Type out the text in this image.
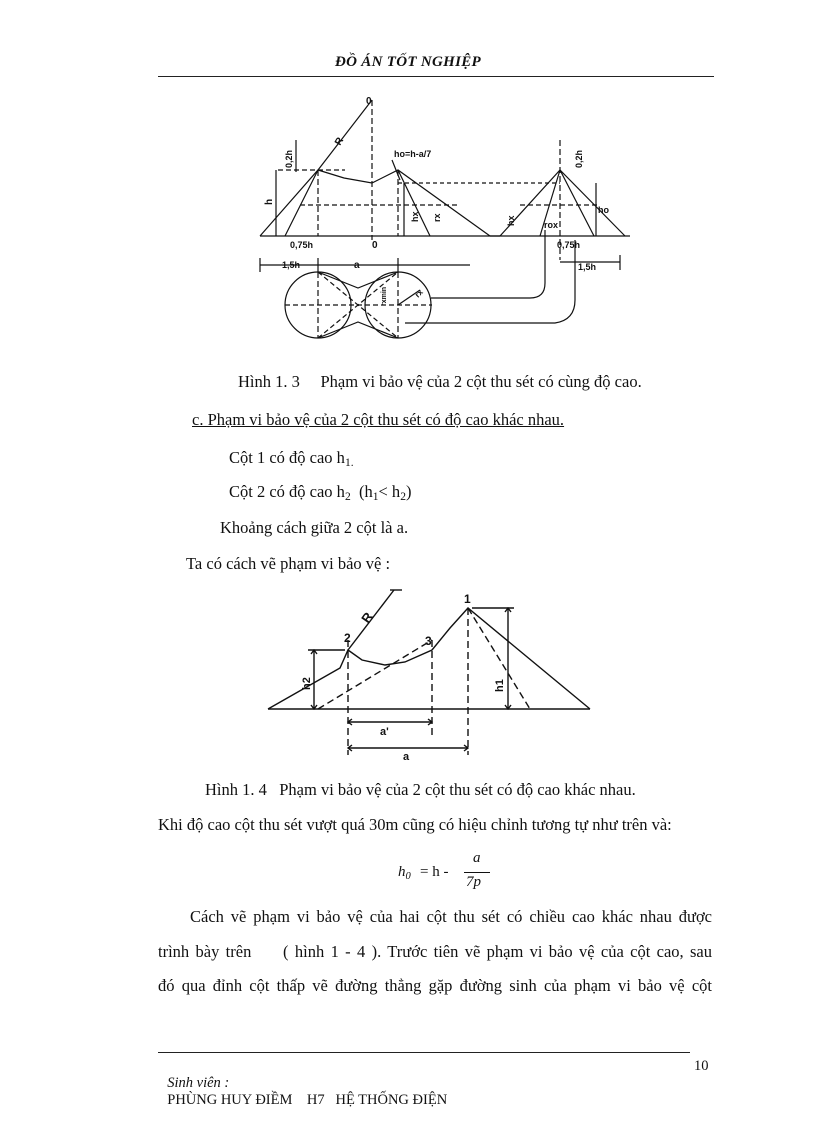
ĐỒ ÁN TỐT NGHIỆP
0
R
0,2h
h
ho=h-a/7
hx rx
0
0,75h
1,5h	a
rxmin	rx
0,2h
ho
hx	rox
0,75h
1,5h
Hình 1. 3     Phạm vi bảo vệ của 2 cột thu sét có cùng độ cao.
c. Phạm vi bảo vệ của 2 cột thu sét có độ cao khác nhau.
Cột 1 có độ cao $h_{1.}$
Cột 2 có độ cao $h_2$  $(h_1< h_2)$
Khoảng cách giữa 2 cột là a.
Ta có cách vẽ phạm vi bảo vệ :
1
2	3
R
h2	h1
a'
a
Hình 1. 4   Phạm vi bảo vệ của 2 cột thu sét có độ cao khác nhau.
Khi độ cao cột thu sét vượt quá 30m cũng có hiệu chỉnh tương tự như trên và:
$h_0 = h$ -
a
7p
Cách vẽ phạm vi bảo vệ của hai cột thu sét có chiều cao khác nhau được
trình bày trên     ( hình 1 - 4 ). Trước tiên vẽ phạm vi bảo vệ của cột cao, sau
đó qua đỉnh cột thấp vẽ đường thẳng gặp đường sinh của phạm vi bảo vệ cột

Sinh viên :
PHÙNG HUY ĐIỀM    H7   HỆ THỐNG ĐIỆN

10
